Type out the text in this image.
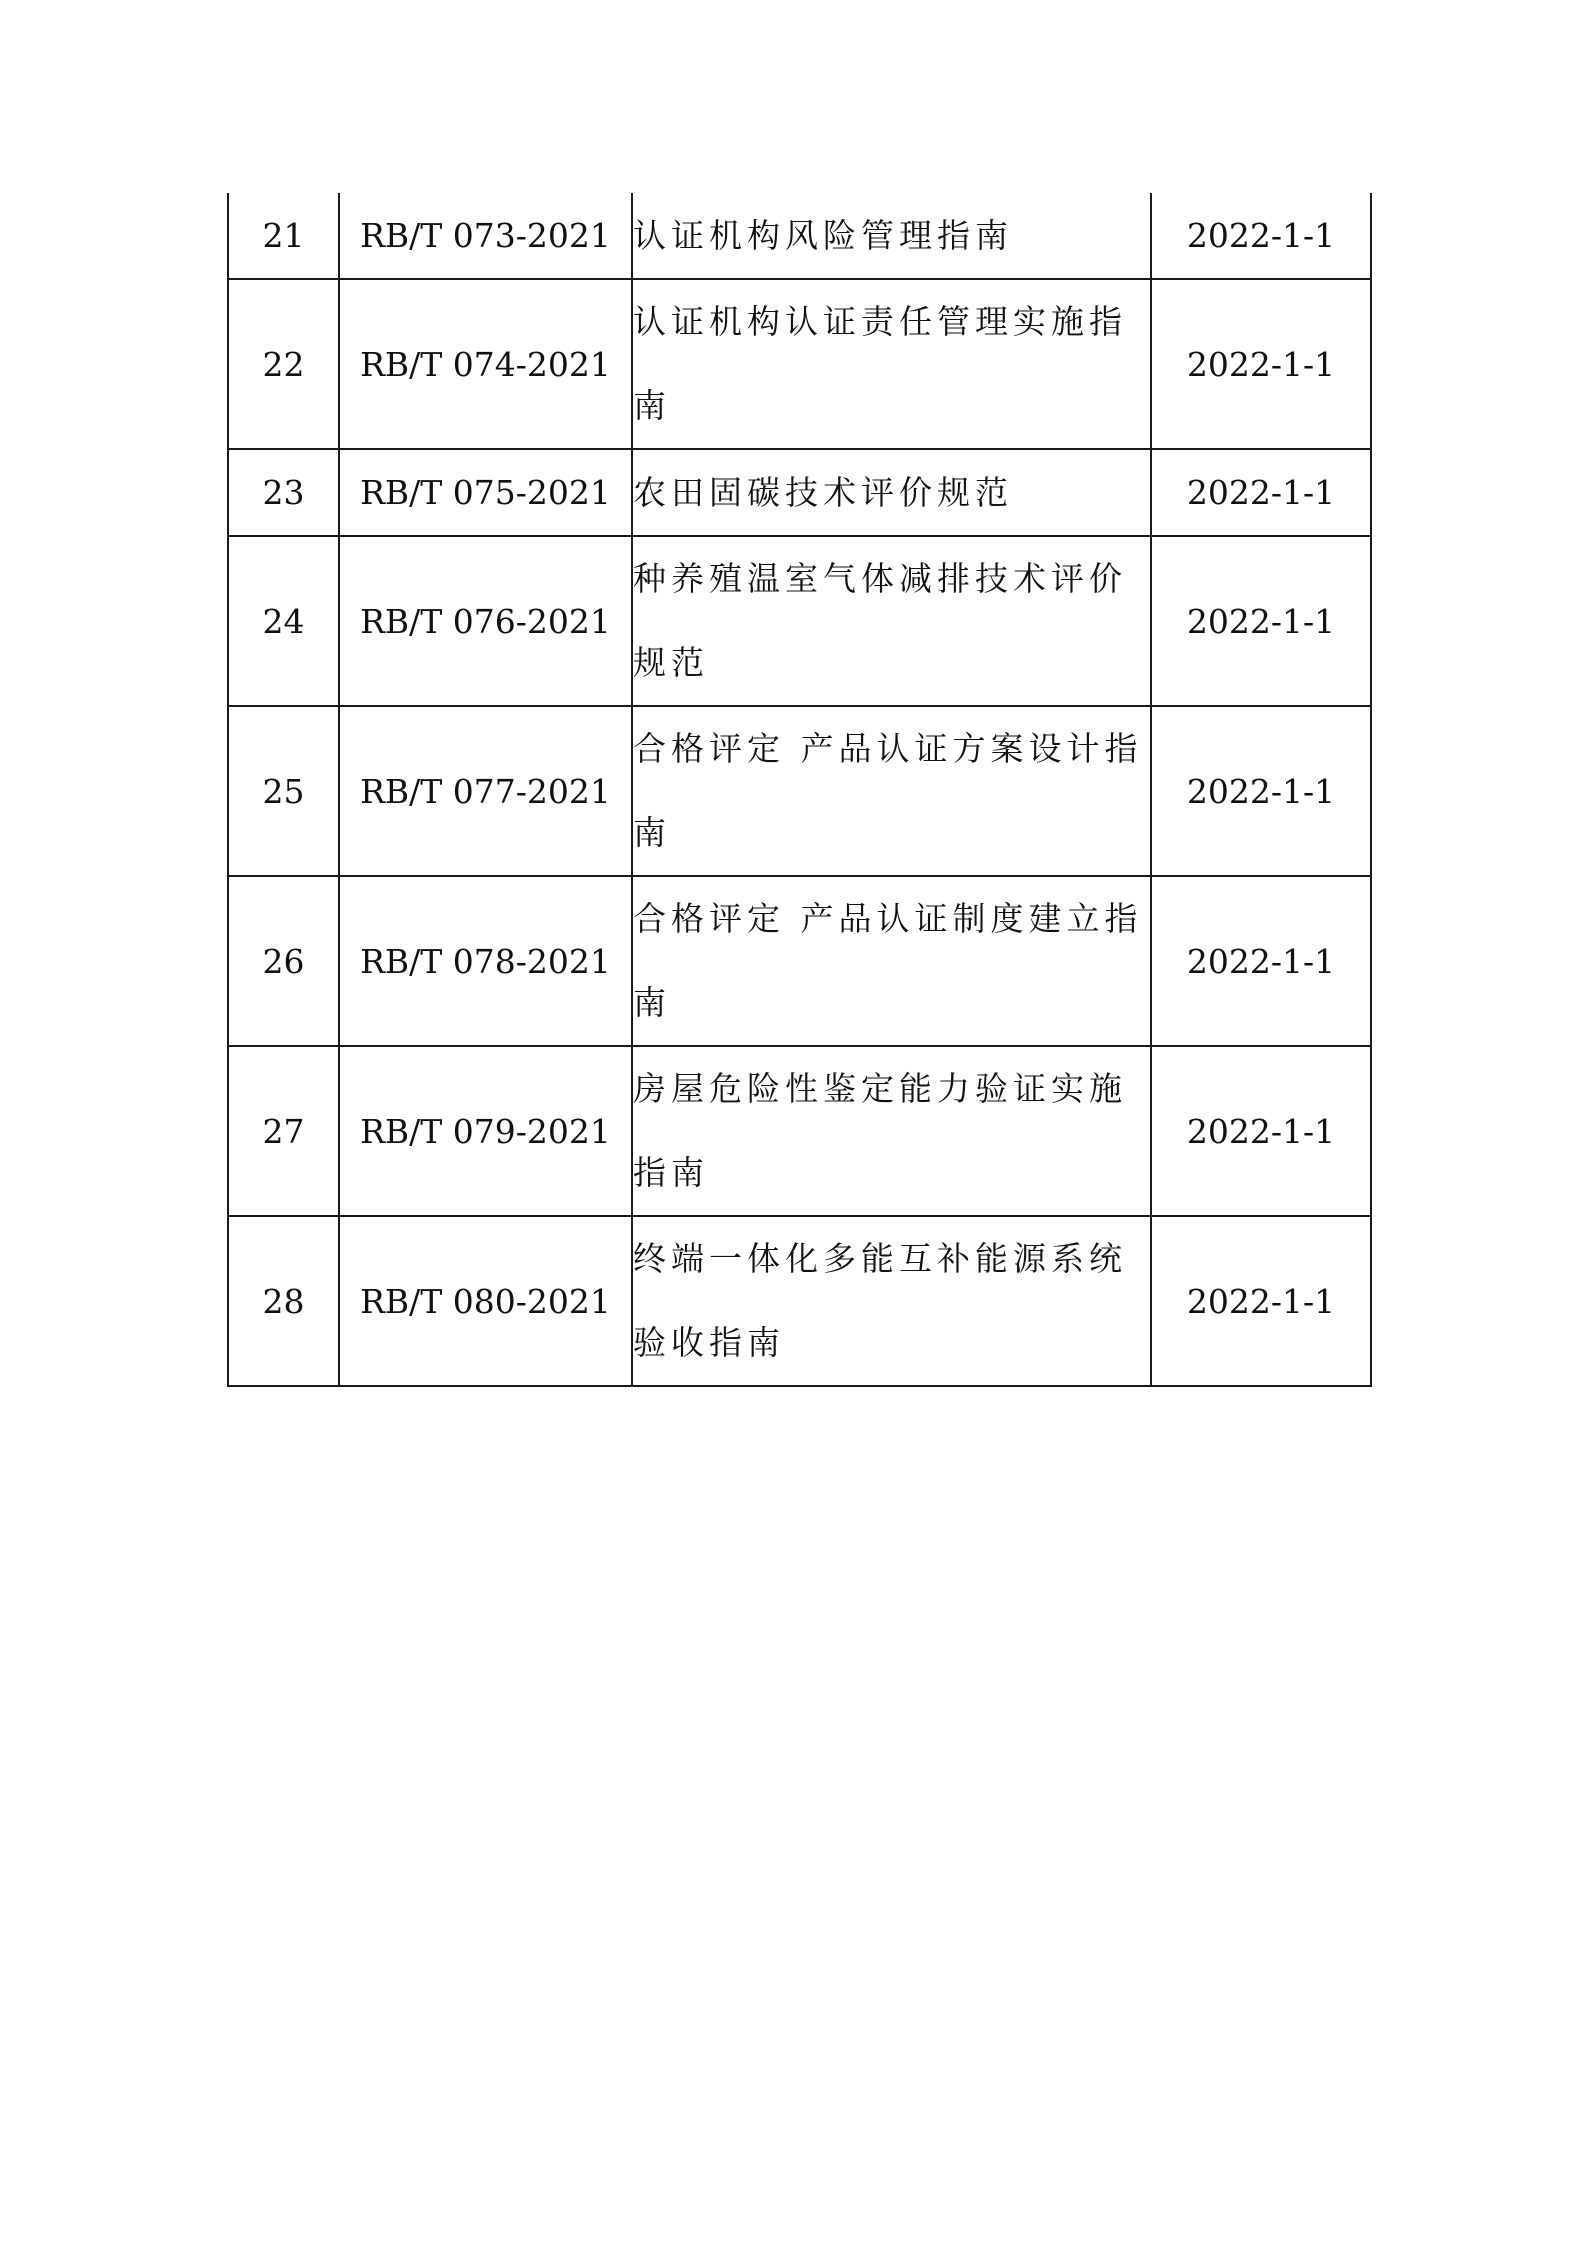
21	RB/T 073-2021	认证机构风险管理指南	2022-1-1
22	RB/T 074-2021	认证机构认证责任管理实施指南	2022-1-1
23	RB/T 075-2021	农田固碳技术评价规范	2022-1-1
24	RB/T 076-2021	种养殖温室气体减排技术评价规范	2022-1-1
25	RB/T 077-2021	合格评定 产品认证方案设计指南	2022-1-1
26	RB/T 078-2021	合格评定 产品认证制度建立指南	2022-1-1
27	RB/T 079-2021	房屋危险性鉴定能力验证实施指南	2022-1-1
28	RB/T 080-2021	终端一体化多能互补能源系统验收指南	2022-1-1
